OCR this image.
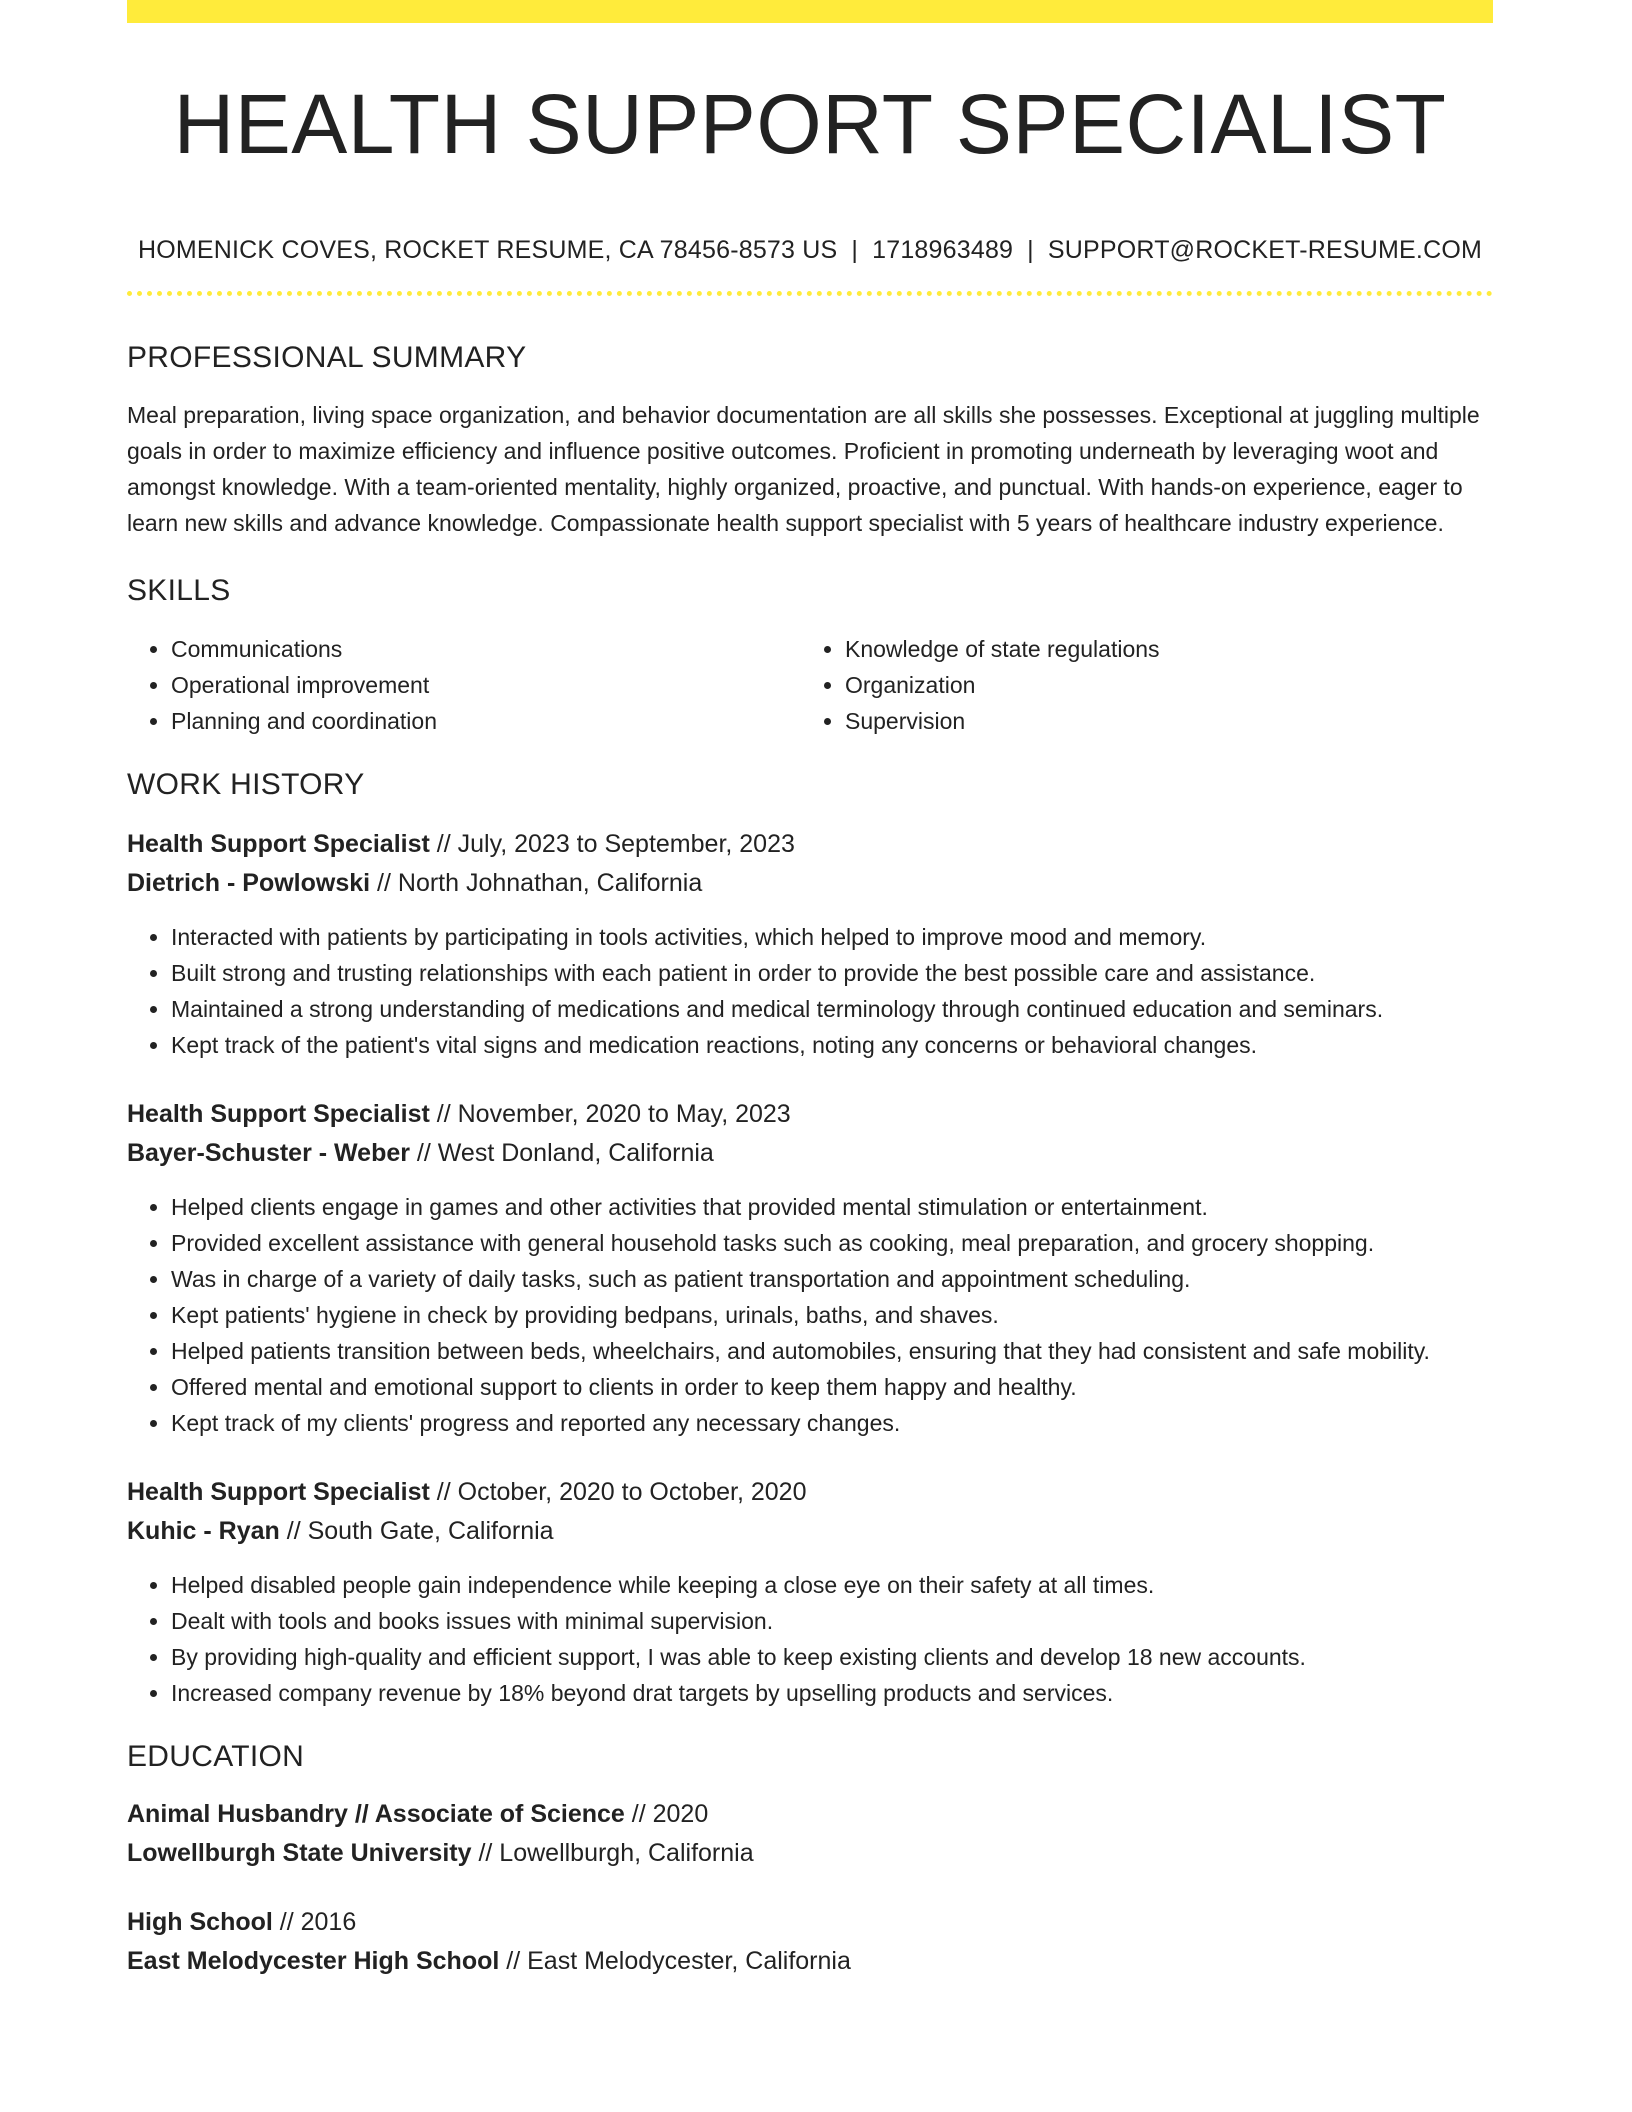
HEALTH SUPPORT SPECIALIST
HOMENICK COVES, ROCKET RESUME, CA 78456-8573 US | 1718963489 | SUPPORT@ROCKET-RESUME.COM
PROFESSIONAL SUMMARY
Meal preparation, living space organization, and behavior documentation are all skills she possesses. Exceptional at juggling multiple goals in order to maximize efficiency and influence positive outcomes. Proficient in promoting underneath by leveraging woot and amongst knowledge. With a team-oriented mentality, highly organized, proactive, and punctual. With hands-on experience, eager to learn new skills and advance knowledge. Compassionate health support specialist with 5 years of healthcare industry experience.
SKILLS
• Communications
• Operational improvement
• Planning and coordination
• Knowledge of state regulations
• Organization
• Supervision
WORK HISTORY
Health Support Specialist // July, 2023 to September, 2023
Dietrich - Powlowski // North Johnathan, California
• Interacted with patients by participating in tools activities, which helped to improve mood and memory.
• Built strong and trusting relationships with each patient in order to provide the best possible care and assistance.
• Maintained a strong understanding of medications and medical terminology through continued education and seminars.
• Kept track of the patient's vital signs and medication reactions, noting any concerns or behavioral changes.
Health Support Specialist // November, 2020 to May, 2023
Bayer-Schuster - Weber // West Donland, California
• Helped clients engage in games and other activities that provided mental stimulation or entertainment.
• Provided excellent assistance with general household tasks such as cooking, meal preparation, and grocery shopping.
• Was in charge of a variety of daily tasks, such as patient transportation and appointment scheduling.
• Kept patients' hygiene in check by providing bedpans, urinals, baths, and shaves.
• Helped patients transition between beds, wheelchairs, and automobiles, ensuring that they had consistent and safe mobility.
• Offered mental and emotional support to clients in order to keep them happy and healthy.
• Kept track of my clients' progress and reported any necessary changes.
Health Support Specialist // October, 2020 to October, 2020
Kuhic - Ryan // South Gate, California
• Helped disabled people gain independence while keeping a close eye on their safety at all times.
• Dealt with tools and books issues with minimal supervision.
• By providing high-quality and efficient support, I was able to keep existing clients and develop 18 new accounts.
• Increased company revenue by 18% beyond drat targets by upselling products and services.
EDUCATION
Animal Husbandry // Associate of Science // 2020
Lowellburgh State University // Lowellburgh, California
High School // 2016
East Melodycester High School // East Melodycester, California
